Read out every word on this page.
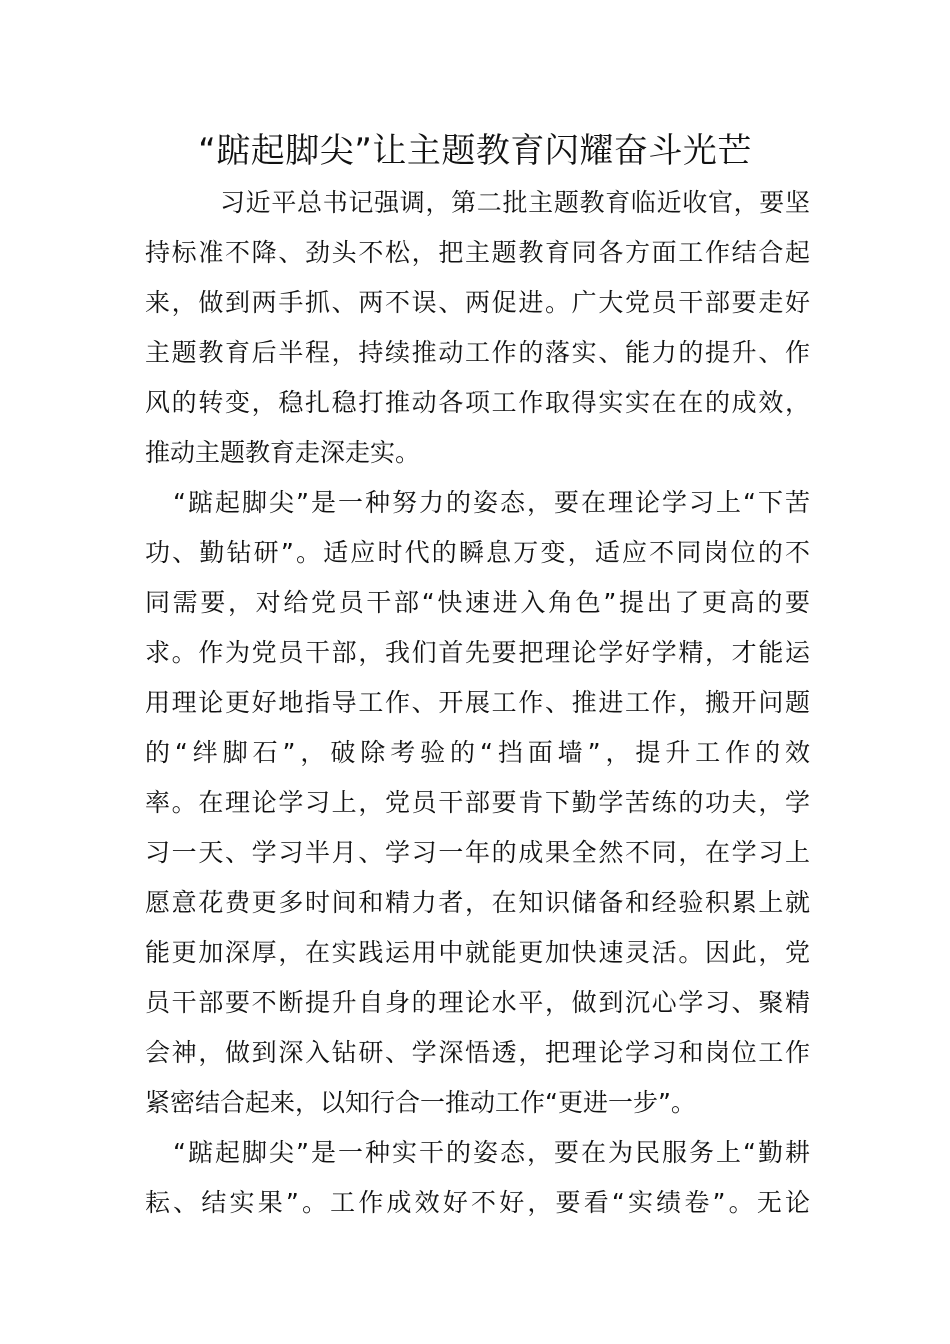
“踮起脚尖”让主题教育闪耀奋斗光芒

习近平总书记强调，第二批主题教育临近收官，要坚
持标准不降、劲头不松，把主题教育同各方面工作结合起
来，做到两手抓、两不误、两促进。广大党员干部要走好
主题教育后半程，持续推动工作的落实、能力的提升、作
风的转变，稳扎稳打推动各项工作取得实实在在的成效，
推动主题教育走深走实。

“踮起脚尖”是一种努力的姿态，要在理论学习上“下苦
功、勤钻研”。适应时代的瞬息万变，适应不同岗位的不
同需要，对给党员干部“快速进入角色”提出了更高的要
求。作为党员干部，我们首先要把理论学好学精，才能运
用理论更好地指导工作、开展工作、推进工作，搬开问题
的“绊脚石”，破除考验的“挡面墙”，提升工作的效
率。在理论学习上，党员干部要肯下勤学苦练的功夫，学
习一天、学习半月、学习一年的成果全然不同，在学习上
愿意花费更多时间和精力者，在知识储备和经验积累上就
能更加深厚，在实践运用中就能更加快速灵活。因此，党
员干部要不断提升自身的理论水平，做到沉心学习、聚精
会神，做到深入钻研、学深悟透，把理论学习和岗位工作
紧密结合起来，以知行合一推动工作“更进一步”。

“踮起脚尖”是一种实干的姿态，要在为民服务上“勤耕
耘、结实果”。工作成效好不好，要看“实绩卷”。无论
